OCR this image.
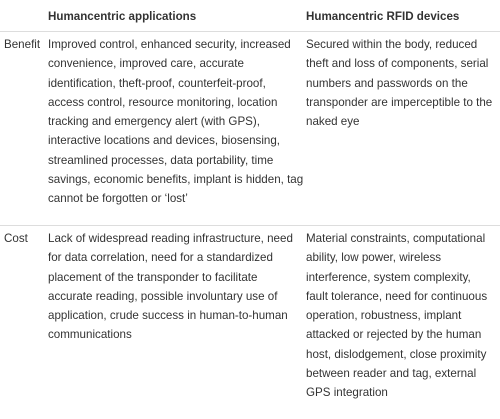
Humancentric applications	Humancentric RFID devices
Benefit Improved control, enhanced security, increased
convenience, improved care, accurate
identification, theft-proof, counterfeit-proof,
access control, resource monitoring, location
tracking and emergency alert (with GPS),
interactive locations and devices, biosensing,
streamlined processes, data portability, time
savings, economic benefits, implant is hidden, tag
cannot be forgotten or ‘lost’
Secured within the body, reduced
theft and loss of components, serial
numbers and passwords on the
transponder are imperceptible to the
naked eye
Cost Lack of widespread reading infrastructure, need
for data correlation, need for a standardized
placement of the transponder to facilitate
accurate reading, possible involuntary use of
application, crude success in human-to-human
communications
Material constraints, computational
ability, low power, wireless
interference, system complexity,
fault tolerance, need for continuous
operation, robustness, implant
attacked or rejected by the human
host, dislodgement, close proximity
between reader and tag, external
GPS integration
